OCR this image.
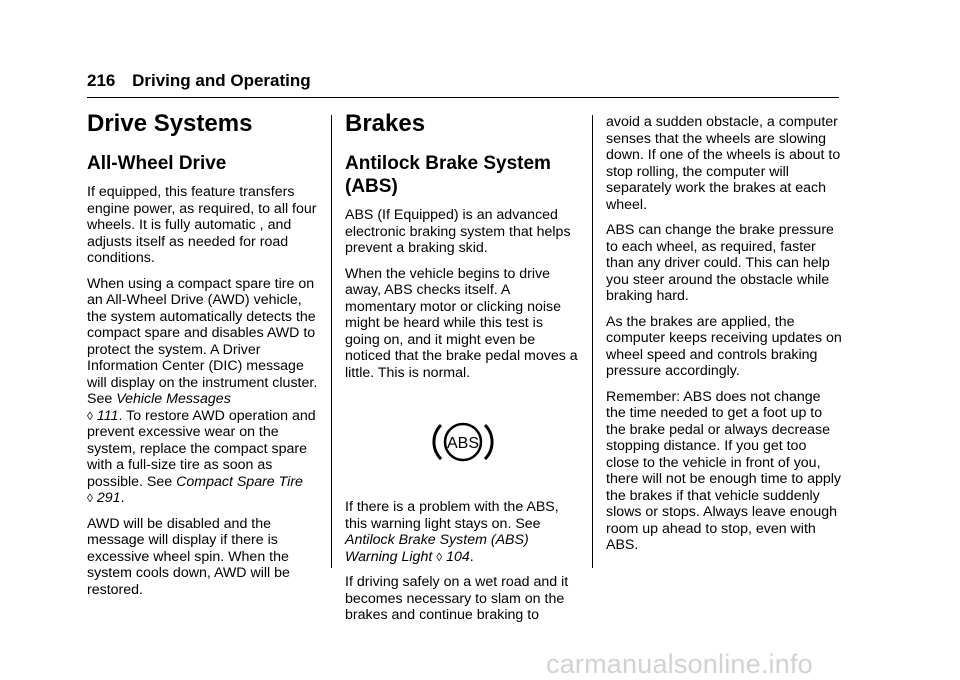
216 Driving and Operating
Drive Systems
All-Wheel Drive

If equipped, this feature transfers engine power, as required, to all four wheels. It is fully automatic , and adjusts itself as needed for road conditions.

When using a compact spare tire on an All-Wheel Drive (AWD) vehicle, the system automatically detects the compact spare and disables AWD to protect the system. A Driver Information Center (DIC) message will display on the instrument cluster. See Vehicle Messages
◊ 111. To restore AWD operation and prevent excessive wear on the system, replace the compact spare with a full-size tire as soon as possible. See Compact Spare Tire
◊ 291.

AWD will be disabled and the message will display if there is excessive wheel spin. When the system cools down, AWD will be restored.

Brakes
Antilock Brake System (ABS)

ABS (If Equipped) is an advanced electronic braking system that helps prevent a braking skid.

When the vehicle begins to drive away, ABS checks itself. A momentary motor or clicking noise might be heard while this test is going on, and it might even be noticed that the brake pedal moves a little. This is normal.

ABS

If there is a problem with the ABS, this warning light stays on. See Antilock Brake System (ABS) Warning Light ◊ 104.

If driving safely on a wet road and it becomes necessary to slam on the brakes and continue braking to

avoid a sudden obstacle, a computer senses that the wheels are slowing down. If one of the wheels is about to stop rolling, the computer will separately work the brakes at each wheel.

ABS can change the brake pressure to each wheel, as required, faster than any driver could. This can help you steer around the obstacle while braking hard.

As the brakes are applied, the computer keeps receiving updates on wheel speed and controls braking pressure accordingly.

Remember: ABS does not change the time needed to get a foot up to the brake pedal or always decrease stopping distance. If you get too close to the vehicle in front of you, there will not be enough time to apply the brakes if that vehicle suddenly slows or stops. Always leave enough room up ahead to stop, even with ABS.

carmanualsonline.info
